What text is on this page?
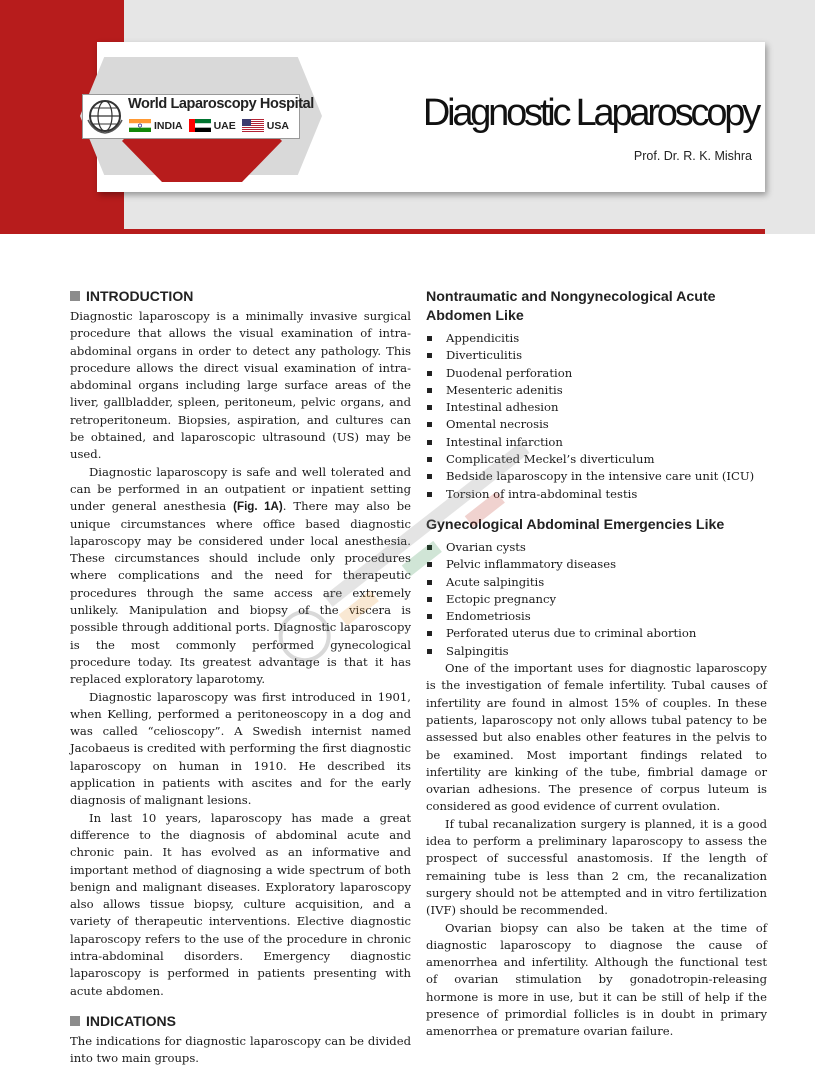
World Laparoscopy Hospital
INDIA	UAE	USA	Diagnostic Laparoscopy
Prof. Dr. R. K. Mishra
INTRODUCTION

Diagnostic laparoscopy is a minimally invasive surgical procedure that allows the visual examination of intra-abdominal organs in order to detect any pathology. This procedure allows the direct visual examination of intra-abdominal organs including large surface areas of the liver, gallbladder, spleen, peritoneum, pelvic organs, and retroperitoneum. Biopsies, aspiration, and cultures can be obtained, and laparoscopic ultrasound (US) may be used.

Diagnostic laparoscopy is safe and well tolerated and can be performed in an outpatient or inpatient setting under general anesthesia (Fig. 1A). There may also be unique circumstances where office based diagnostic laparoscopy may be considered under local anesthesia. These circumstances should include only procedures where complications and the need for therapeutic procedures through the same access are extremely unlikely. Manipulation and biopsy of the viscera is possible through additional ports. Diagnostic laparoscopy is the most commonly performed gynecological procedure today. Its greatest advantage is that it has replaced exploratory laparotomy.

Diagnostic laparoscopy was first introduced in 1901, when Kelling, performed a peritoneoscopy in a dog and was called “celioscopy”. A Swedish internist named Jacobaeus is credited with performing the first diagnostic laparoscopy on human in 1910. He described its application in patients with ascites and for the early diagnosis of malignant lesions.

In last 10 years, laparoscopy has made a great difference to the diagnosis of abdominal acute and chronic pain. It has evolved as an informative and important method of diagnosing a wide spectrum of both benign and malignant diseases. Exploratory laparoscopy also allows tissue biopsy, culture acquisition, and a variety of therapeutic interventions. Elective diagnostic laparoscopy refers to the use of the procedure in chronic intra-abdominal disorders. Emergency diagnostic laparoscopy is performed in patients presenting with acute abdomen.

INDICATIONS

The indications for diagnostic laparoscopy can be divided into two main groups.

Nontraumatic and Nongynecological Acute Abdomen Like
Appendicitis
Diverticulitis
Duodenal perforation
Mesenteric adenitis
Intestinal adhesion
Omental necrosis
Intestinal infarction
Complicated Meckel’s diverticulum
Bedside laparoscopy in the intensive care unit (ICU)
Torsion of intra-abdominal testis
Gynecological Abdominal Emergencies Like
Ovarian cysts
Pelvic inflammatory diseases
Acute salpingitis
Ectopic pregnancy
Endometriosis
Perforated uterus due to criminal abortion
Salpingitis

One of the important uses for diagnostic laparoscopy is the investigation of female infertility. Tubal causes of infertility are found in almost 15% of couples. In these patients, laparoscopy not only allows tubal patency to be assessed but also enables other features in the pelvis to be examined. Most important findings related to infertility are kinking of the tube, fimbrial damage or ovarian adhesions. The presence of corpus luteum is considered as good evidence of current ovulation.

If tubal recanalization surgery is planned, it is a good idea to perform a preliminary laparoscopy to assess the prospect of successful anastomosis. If the length of remaining tube is less than 2 cm, the recanalization surgery should not be attempted and in vitro fertilization (IVF) should be recommended.

Ovarian biopsy can also be taken at the time of diagnostic laparoscopy to diagnose the cause of amenorrhea and infertility. Although the functional test of ovarian stimulation by gonadotropin-releasing hormone is more in use, but it can be still of help if the presence of primordial follicles is in doubt in primary amenorrhea or premature ovarian failure.
